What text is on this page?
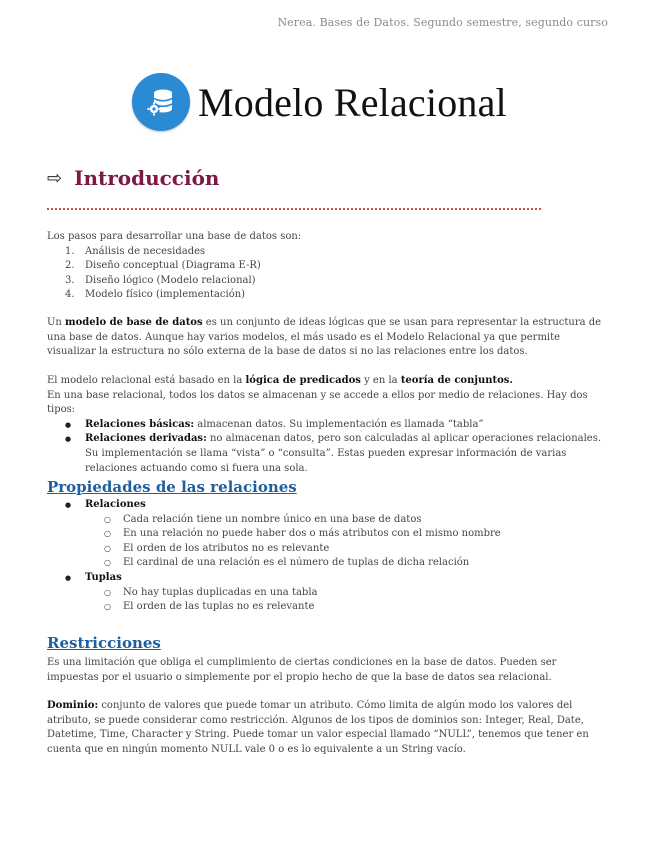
Nerea. Bases de Datos. Segundo semestre, segundo curso
Modelo Relacional
⇨ Introducción
Los pasos para desarrollar una base de datos son:
1. Análisis de necesidades
2. Diseño conceptual (Diagrama E-R)
3. Diseño lógico (Modelo relacional)
4. Modelo físico (implementación)
Un modelo de base de datos es un conjunto de ideas lógicas que se usan para representar la estructura de una base de datos. Aunque hay varios modelos, el más usado es el Modelo Relacional ya que permite visualizar la estructura no sólo externa de la base de datos si no las relaciones entre los datos.
El modelo relacional está basado en la lógica de predicados y en la teoría de conjuntos.
En una base relacional, todos los datos se almacenan y se accede a ellos por medio de relaciones. Hay dos tipos:
● Relaciones básicas: almacenan datos. Su implementación es llamada “tabla”
● Relaciones derivadas: no almacenan datos, pero son calculadas al aplicar operaciones relacionales. Su implementación se llama “vista” o “consulta”. Estas pueden expresar información de varias relaciones actuando como si fuera una sola.
Propiedades de las relaciones
● Relaciones
○ Cada relación tiene un nombre único en una base de datos
○ En una relación no puede haber dos o más atributos con el mismo nombre
○ El orden de los atributos no es relevante
○ El cardinal de una relación es el número de tuplas de dicha relación
● Tuplas
○ No hay tuplas duplicadas en una tabla
○ El orden de las tuplas no es relevante
Restricciones
Es una limitación que obliga el cumplimiento de ciertas condiciones en la base de datos. Pueden ser impuestas por el usuario o simplemente por el propio hecho de que la base de datos sea relacional.
Dominio: conjunto de valores que puede tomar un atributo. Cómo limita de algún modo los valores del atributo, se puede considerar como restricción. Algunos de los tipos de dominios son: Integer, Real, Date, Datetime, Time, Character y String. Puede tomar un valor especial llamado “NULL”, tenemos que tener en cuenta que en ningún momento NULL vale 0 o es lo equivalente a un String vacío.
